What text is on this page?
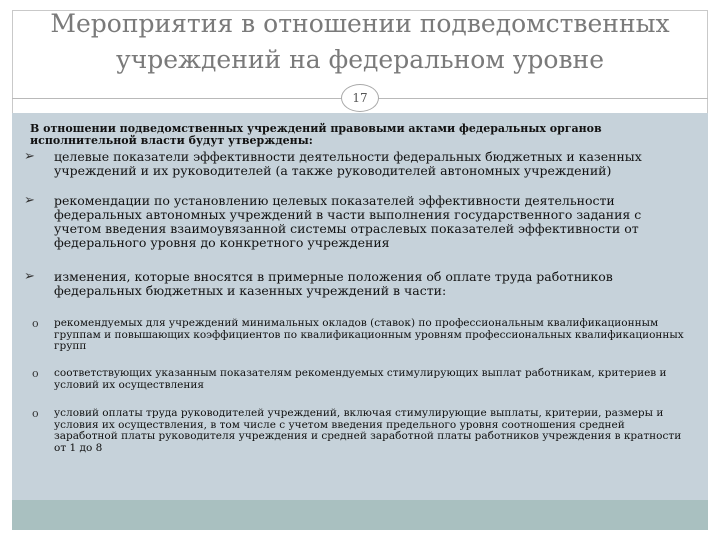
Мероприятия в отношении подведомственных учреждений на федеральном уровне
17

В отношении подведомственных учреждений правовыми актами федеральных органов исполнительной власти будут утверждены:

➢ целевые показатели эффективности деятельности федеральных бюджетных и казенных учреждений и их руководителей (а также руководителей автономных учреждений)
➢ рекомендации по установлению целевых показателей эффективности деятельности федеральных автономных учреждений в части выполнения государственного задания с учетом введения взаимоувязанной системы отраслевых показателей эффективности от федерального уровня до конкретного учреждения
➢ изменения, которые вносятся в примерные положения об оплате труда работников федеральных бюджетных и казенных учреждений в части:
o рекомендуемых для учреждений минимальных окладов (ставок) по профессиональным квалификационным группам и повышающих коэффициентов по квалификационным уровням профессиональных квалификационных групп
o соответствующих указанным показателям рекомендуемых стимулирующих выплат работникам, критериев и условий их осуществления
o условий оплаты труда руководителей учреждений, включая стимулирующие выплаты, критерии, размеры и условия их осуществления, в том числе с учетом введения предельного уровня соотношения средней заработной платы руководителя учреждения и средней заработной платы работников учреждения в кратности от 1 до 8
